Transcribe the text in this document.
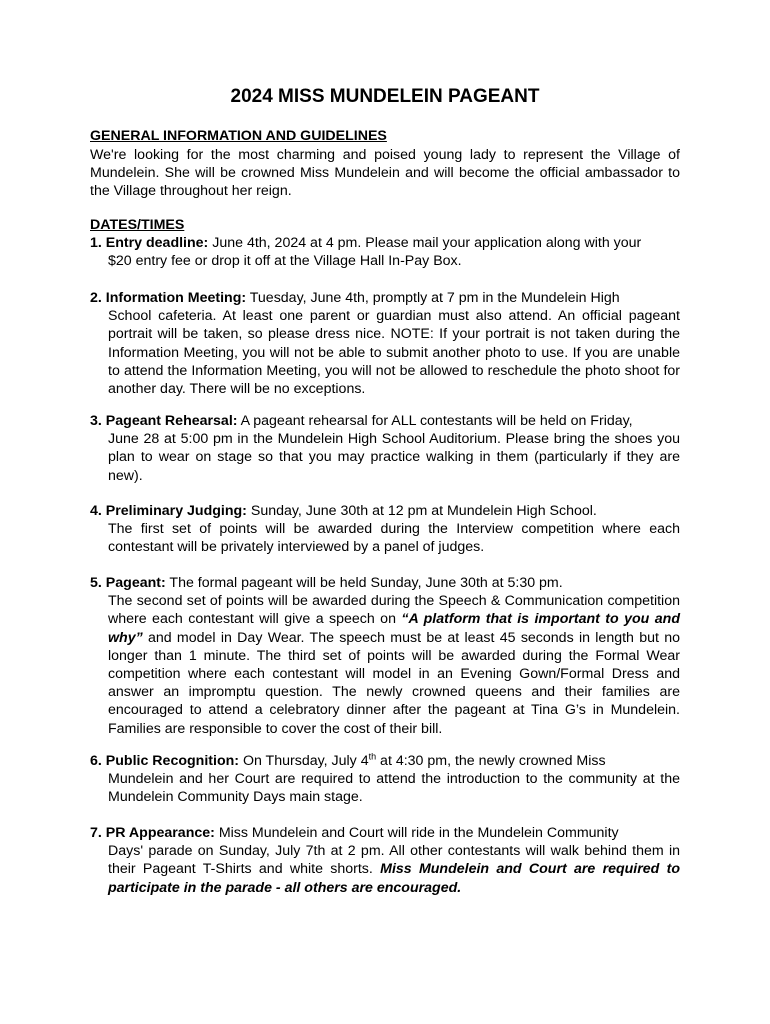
2024 MISS MUNDELEIN PAGEANT
GENERAL INFORMATION AND GUIDELINES
We're looking for the most charming and poised young lady to represent the Village of Mundelein. She will be crowned Miss Mundelein and will become the official ambassador to the Village throughout her reign.
DATES/TIMES
1. Entry deadline: June 4th, 2024 at 4 pm. Please mail your application along with your
$20 entry fee or drop it off at the Village Hall In-Pay Box.
2. Information Meeting: Tuesday, June 4th, promptly at 7 pm in the Mundelein High
School cafeteria. At least one parent or guardian must also attend. An official pageant portrait will be taken, so please dress nice. NOTE: If your portrait is not taken during the Information Meeting, you will not be able to submit another photo to use. If you are unable to attend the Information Meeting, you will not be allowed to reschedule the photo shoot for another day. There will be no exceptions.
3. Pageant Rehearsal: A pageant rehearsal for ALL contestants will be held on Friday,
June 28 at 5:00 pm in the Mundelein High School Auditorium. Please bring the shoes you plan to wear on stage so that you may practice walking in them (particularly if they are new).
4. Preliminary Judging: Sunday, June 30th at 12 pm at Mundelein High School.
The first set of points will be awarded during the Interview competition where each contestant will be privately interviewed by a panel of judges.
5. Pageant: The formal pageant will be held Sunday, June 30th at 5:30 pm.
The second set of points will be awarded during the Speech & Communication competition where each contestant will give a speech on “A platform that is important to you and why” and model in Day Wear. The speech must be at least 45 seconds in length but no longer than 1 minute. The third set of points will be awarded during the Formal Wear competition where each contestant will model in an Evening Gown/Formal Dress and answer an impromptu question. The newly crowned queens and their families are encouraged to attend a celebratory dinner after the pageant at Tina G’s in Mundelein. Families are responsible to cover the cost of their bill.
6. Public Recognition: On Thursday, July 4th at 4:30 pm, the newly crowned Miss
Mundelein and her Court are required to attend the introduction to the community at the Mundelein Community Days main stage.
7. PR Appearance: Miss Mundelein and Court will ride in the Mundelein Community
Days' parade on Sunday, July 7th at 2 pm. All other contestants will walk behind them in their Pageant T-Shirts and white shorts. Miss Mundelein and Court are required to participate in the parade - all others are encouraged.
